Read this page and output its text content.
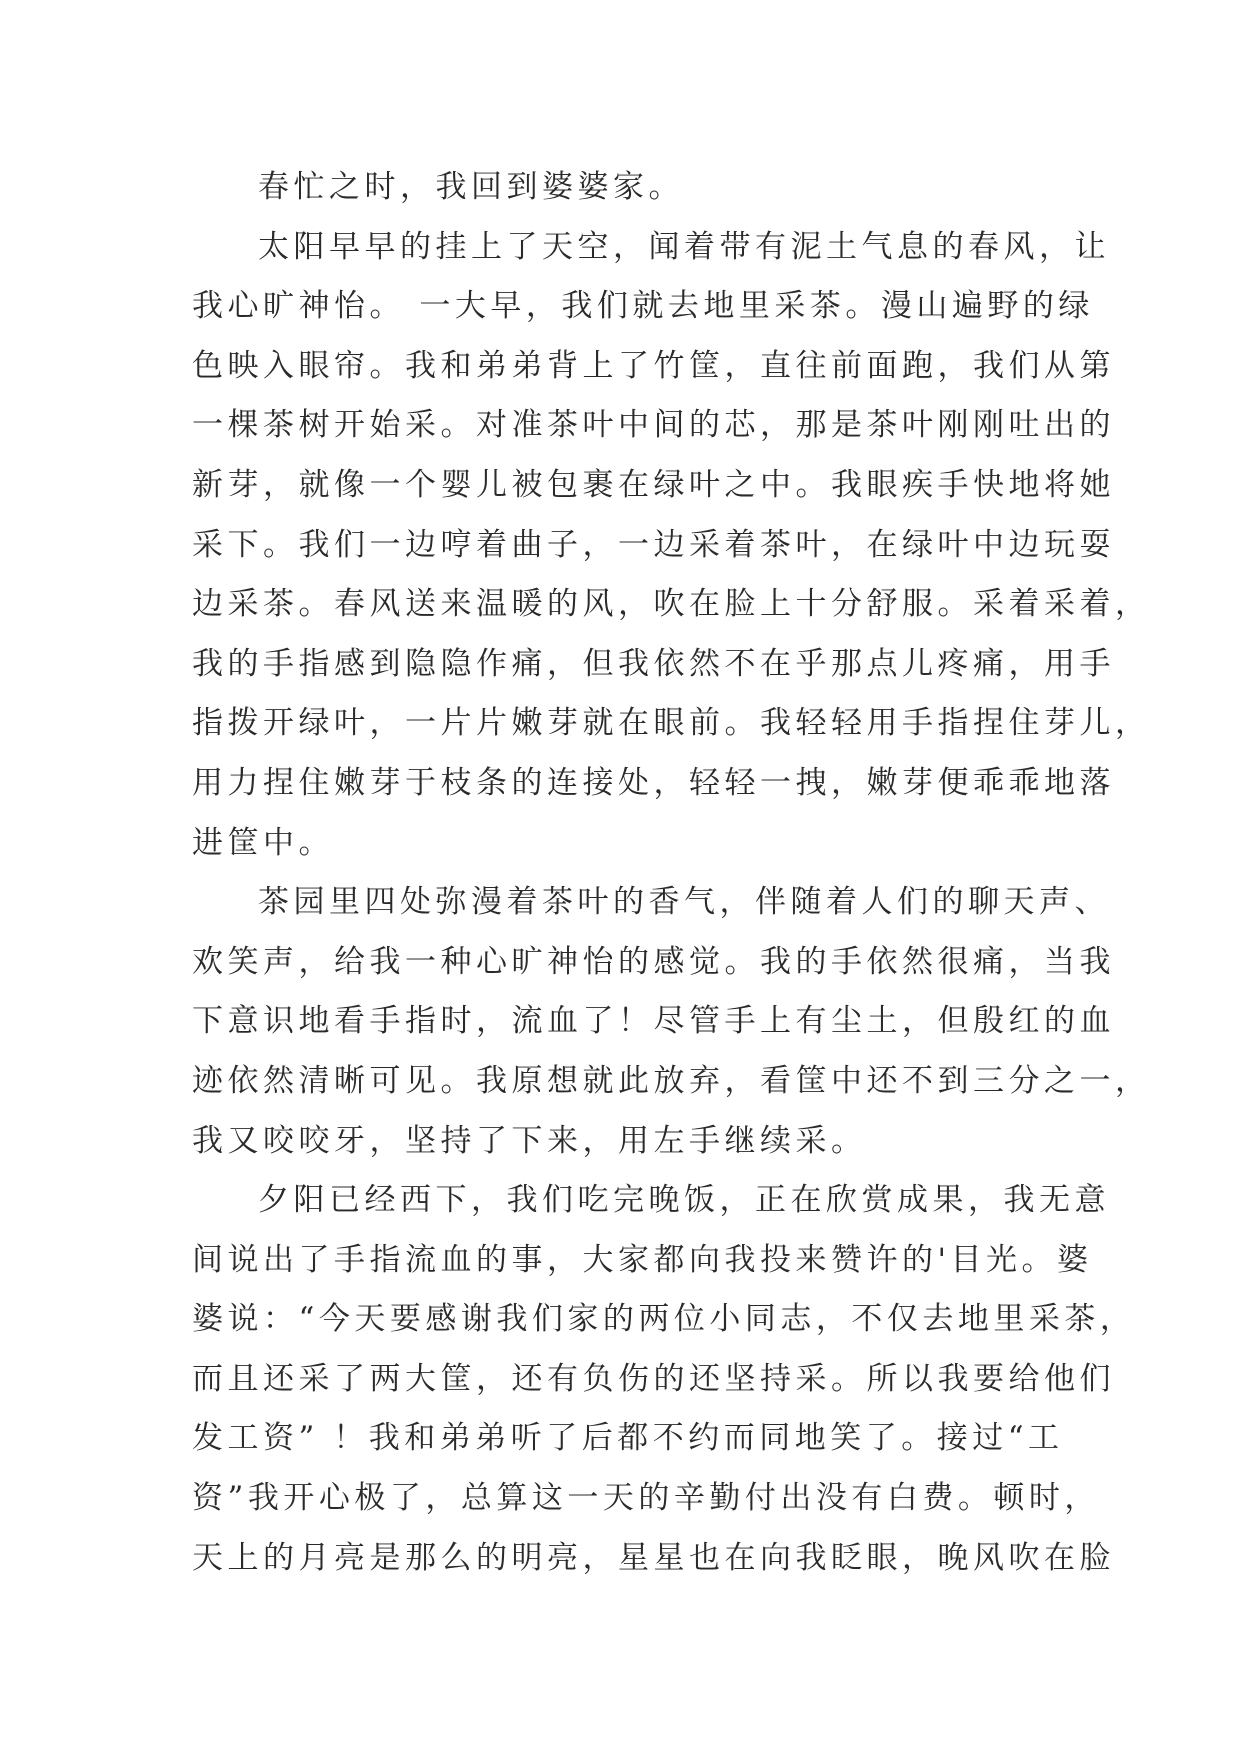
春忙之时，我回到婆婆家。
太阳早早的挂上了天空，闻着带有泥土气息的春风，让
我心旷神怡。 一大早，我们就去地里采茶。漫山遍野的绿
色映入眼帘。我和弟弟背上了竹筐，直往前面跑，我们从第
一棵茶树开始采。对准茶叶中间的芯，那是茶叶刚刚吐出的
新芽，就像一个婴儿被包裹在绿叶之中。我眼疾手快地将她
采下。我们一边哼着曲子，一边采着茶叶，在绿叶中边玩耍
边采茶。春风送来温暖的风，吹在脸上十分舒服。采着采着，
我的手指感到隐隐作痛，但我依然不在乎那点儿疼痛，用手
指拨开绿叶，一片片嫩芽就在眼前。我轻轻用手指捏住芽儿，
用力捏住嫩芽于枝条的连接处，轻轻一拽，嫩芽便乖乖地落
进筐中。
茶园里四处弥漫着茶叶的香气，伴随着人们的聊天声、
欢笑声，给我一种心旷神怡的感觉。我的手依然很痛，当我
下意识地看手指时，流血了！尽管手上有尘土，但殷红的血
迹依然清晰可见。我原想就此放弃，看筐中还不到三分之一，
我又咬咬牙，坚持了下来，用左手继续采。
夕阳已经西下，我们吃完晚饭，正在欣赏成果，我无意
间说出了手指流血的事，大家都向我投来赞许的'目光。婆
婆说：“今天要感谢我们家的两位小同志，不仅去地里采茶，
而且还采了两大筐，还有负伤的还坚持采。所以我要给他们
发工资” ！我和弟弟听了后都不约而同地笑了。接过“工
资”我开心极了，总算这一天的辛勤付出没有白费。顿时，
天上的月亮是那么的明亮，星星也在向我眨眼，晚风吹在脸
